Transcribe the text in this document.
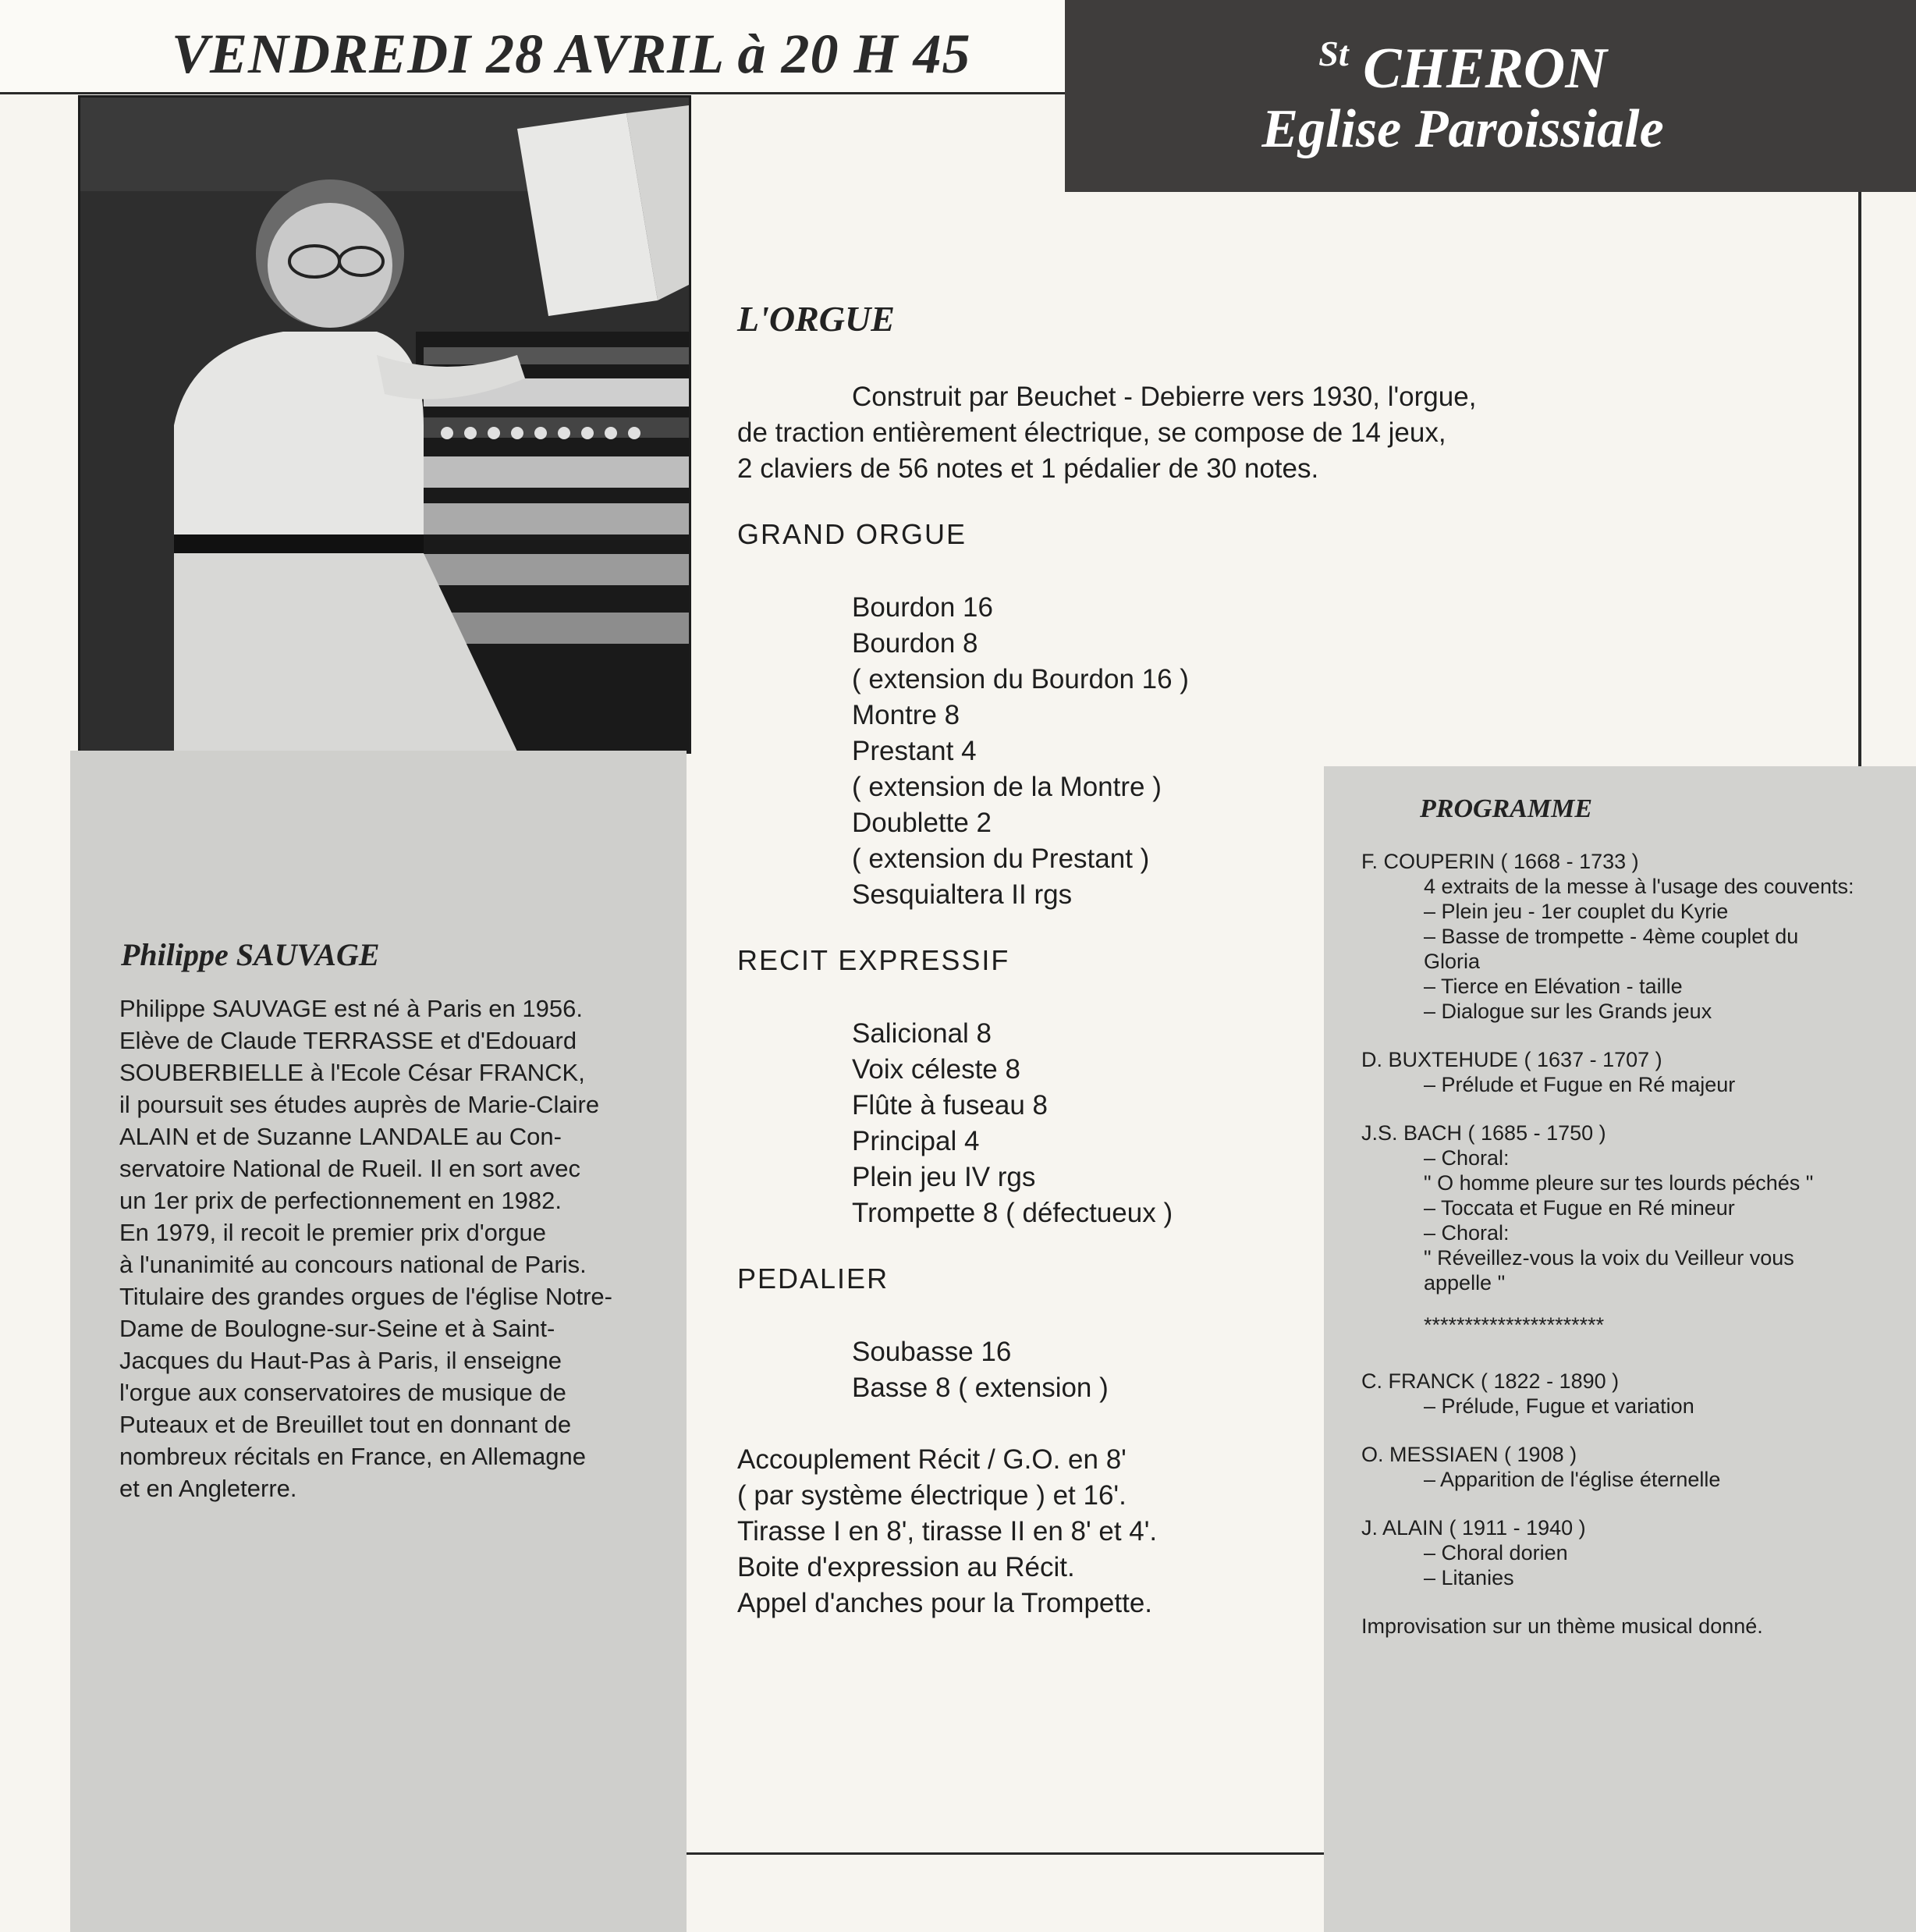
VENDREDI 28 AVRIL à 20 H 45	$^{St}$ CHERON
Eglise Paroissiale
Philippe SAUVAGE
Philippe SAUVAGE est né à Paris en 1956.
Elève de Claude TERRASSE et d'Edouard
SOUBERBIELLE à l'Ecole César FRANCK,
il poursuit ses études auprès de Marie-Claire
ALAIN et de Suzanne LANDALE au Con-
servatoire National de Rueil. Il en sort avec
un 1er prix de perfectionnement en 1982.
En 1979, il recoit le premier prix d'orgue
à l'unanimité au concours national de Paris.
Titulaire des grandes orgues de l'église Notre-
Dame de Boulogne-sur-Seine et à Saint-
Jacques du Haut-Pas à Paris, il enseigne
l'orgue aux conservatoires de musique de
Puteaux et de Breuillet tout en donnant de
nombreux récitals en France, en Allemagne
et en Angleterre.
L'ORGUE
Construit par Beuchet - Debierre vers 1930, l'orgue,
de traction entièrement électrique, se compose de 14 jeux,
2 claviers de 56 notes et 1 pédalier de 30 notes.
GRAND ORGUE
Bourdon 16
Bourdon 8
( extension du Bourdon 16 )
Montre 8
Prestant 4
( extension de la Montre )
Doublette 2
( extension du Prestant )
Sesquialtera II rgs
RECIT EXPRESSIF
Salicional 8
Voix céleste 8
Flûte à fuseau 8
Principal 4
Plein jeu IV rgs
Trompette 8 ( défectueux )
PEDALIER
Soubasse 16
Basse 8 ( extension )
Accouplement Récit / G.O. en 8'
( par système électrique ) et 16'.
Tirasse I en 8', tirasse II en 8' et 4'.
Boite d'expression au Récit.
Appel d'anches pour la Trompette.
PROGRAMME
F. COUPERIN ( 1668 - 1733 )
4 extraits de la messe à l'usage des couvents:
– Plein jeu - 1er couplet du Kyrie
– Basse de trompette - 4ème couplet du
Gloria
– Tierce en Elévation - taille
– Dialogue sur les Grands jeux
D. BUXTEHUDE ( 1637 - 1707 )
– Prélude et Fugue en Ré majeur
J.S. BACH ( 1685 - 1750 )
– Choral:
" O homme pleure sur tes lourds péchés "
– Toccata et Fugue en Ré mineur
– Choral:
" Réveillez-vous la voix du Veilleur vous
appelle "
**********************
C. FRANCK ( 1822 - 1890 )
– Prélude, Fugue et variation
O. MESSIAEN ( 1908 )
– Apparition de l'église éternelle
J. ALAIN ( 1911 - 1940 )
– Choral dorien
– Litanies
Improvisation sur un thème musical donné.
